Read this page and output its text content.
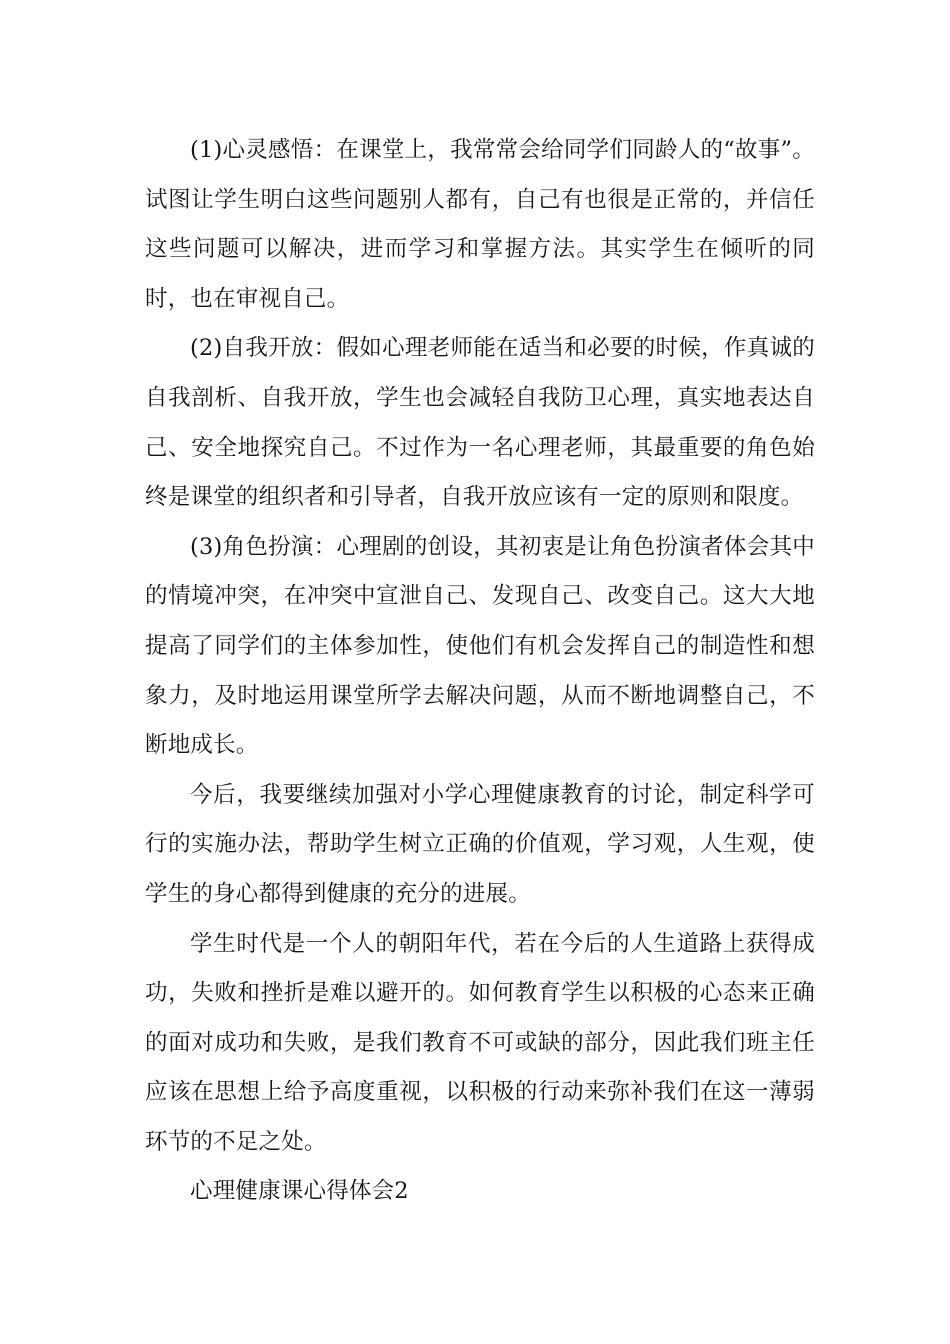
(1)心灵感悟：在课堂上，我常常会给同学们同龄人的“故事”。试图让学生明白这些问题别人都有，自己有也很是正常的，并信任这些问题可以解决，进而学习和掌握方法。其实学生在倾听的同时，也在审视自己。

(2)自我开放：假如心理老师能在适当和必要的时候，作真诚的自我剖析、自我开放，学生也会减轻自我防卫心理，真实地表达自己、安全地探究自己。不过作为一名心理老师，其最重要的角色始终是课堂的组织者和引导者，自我开放应该有一定的原则和限度。

(3)角色扮演：心理剧的创设，其初衷是让角色扮演者体会其中的情境冲突，在冲突中宣泄自己、发现自己、改变自己。这大大地提高了同学们的主体参加性，使他们有机会发挥自己的制造性和想象力，及时地运用课堂所学去解决问题，从而不断地调整自己，不断地成长。

今后，我要继续加强对小学心理健康教育的讨论，制定科学可行的实施办法，帮助学生树立正确的价值观，学习观，人生观，使学生的身心都得到健康的充分的进展。

学生时代是一个人的朝阳年代，若在今后的人生道路上获得成功，失败和挫折是难以避开的。如何教育学生以积极的心态来正确的面对成功和失败，是我们教育不可或缺的部分，因此我们班主任应该在思想上给予高度重视，以积极的行动来弥补我们在这一薄弱环节的不足之处。

心理健康课心得体会2
